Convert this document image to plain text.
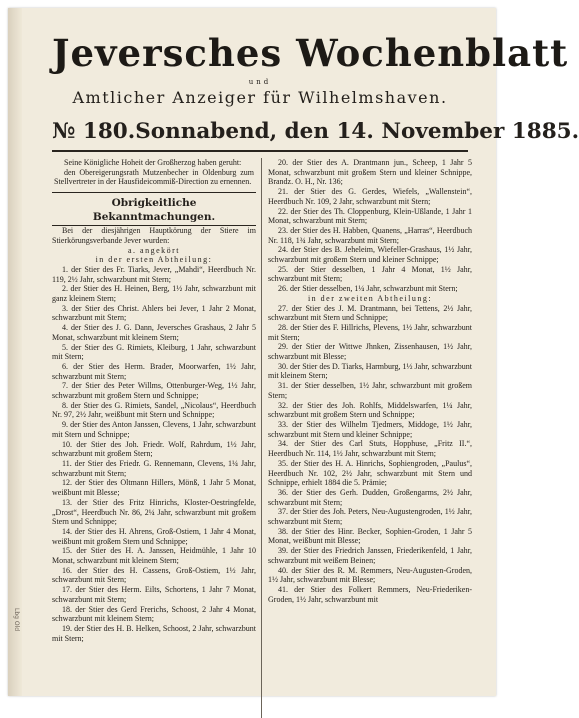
Lbg Old
Jeversches Wochenblatt
und
Amtlicher Anzeiger für Wilhelmshaven.
№ 180. Sonnabend, den 14. November 1885.

Seine Königliche Hoheit der Großherzog haben geruht:

den Obereigerungsrath Mutzenbecher in Oldenburg zum Stellvertreter in der Hausfideicommiß-Direction zu ernennen.

Obrigkeitliche Bekanntmachungen.

Bei der diesjährigen Hauptkörung der Stiere im Stierkörungsverbande Jever wurden:

a. angekört

in der ersten Abtheilung:

1. der Stier des Fr. Tiarks, Jever, „Mahdi“, Heerdbuch Nr. 119, 2½ Jahr, schwarzbunt mit Stern;

2. der Stier des H. Heinen, Berg, 1½ Jahr, schwarzbunt mit ganz kleinem Stern;

3. der Stier des Christ. Ahlers bei Jever, 1 Jahr 2 Monat, schwarzbunt mit Stern;

4. der Stier des J. G. Dann, Jeversches Grashaus, 2 Jahr 5 Monat, schwarzbunt mit kleinem Stern;

5. der Stier des G. Rimiets, Kleiburg, 1 Jahr, schwarzbunt mit Stern;

6. der Stier des Herm. Brader, Moorwarfen, 1½ Jahr, schwarzbunt mit Stern;

7. der Stier des Peter Willms, Ottenburger-Weg, 1½ Jahr, schwarzbunt mit großem Stern und Schnippe;

8. der Stier des G. Rimiets, Sandel, „Nicolaus“, Heerdbuch Nr. 97, 2½ Jahr, weißbunt mit Stern und Schnippe;

9. der Stier des Anton Janssen, Clevens, 1 Jahr, schwarzbunt mit Stern und Schnippe;

10. der Stier des Joh. Friedr. Wolf, Rahrdum, 1½ Jahr, schwarzbunt mit großem Stern;

11. der Stier des Friedr. G. Rennemann, Clevens, 1¼ Jahr, schwarzbunt mit Stern;

12. der Stier des Oltmann Hillers, Mönß, 1 Jahr 5 Monat, weißbunt mit Blesse;

13. der Stier des Fritz Hinrichs, Kloster-Oestringfelde, „Drost“, Heerdbuch Nr. 86, 2¼ Jahr, schwarzbunt mit großem Stern und Schnippe;

14. der Stier des H. Ahrens, Groß-Ostiem, 1 Jahr 4 Monat, weißbunt mit großem Stern und Schnippe;

15. der Stier des H. A. Janssen, Heidmühle, 1 Jahr 10 Monat, schwarzbunt mit kleinem Stern;

16. der Stier des H. Cassens, Groß-Ostiem, 1½ Jahr, schwarzbunt mit Stern;

17. der Stier des Herm. Eilts, Schortens, 1 Jahr 7 Monat, schwarzbunt mit Stern;

18. der Stier des Gerd Frerichs, Schoost, 2 Jahr 4 Monat, schwarzbunt mit kleinem Stern;

19. der Stier des H. B. Helken, Schoost, 2 Jahr, schwarzbunt mit Stern;

20. der Stier des A. Drantmann jun., Scheep, 1 Jahr 5 Monat, schwarzbunt mit großem Stern und kleiner Schnippe, Brandz. O. H., Nr. 136;

21. der Stier des G. Gerdes, Wiefels, „Wallenstein“, Heerdbuch Nr. 109, 2 Jahr, schwarzbunt mit Stern;

22. der Stier des Th. Cloppenburg, Klein-Ußlande, 1 Jahr 1 Monat, schwarzbunt mit Stern;

23. der Stier des H. Habben, Quanens, „Harras“, Heerdbuch Nr. 118, 1¾ Jahr, schwarzbunt mit Stern;

24. der Stier des B. Jeheleim, Wiefeller-Grashaus, 1½ Jahr, schwarzbunt mit großem Stern und kleiner Schnippe;

25. der Stier desselben, 1 Jahr 4 Monat, 1½ Jahr, schwarzbunt mit Stern;

26. der Stier desselben, 1¼ Jahr, schwarzbunt mit Stern;

in der zweiten Abtheilung:

27. der Stier des J. M. Drantmann, bei Tettens, 2½ Jahr, schwarzbunt mit Stern und Schnippe;

28. der Stier des F. Hillrichs, Plevens, 1½ Jahr, schwarzbunt mit Stern;

29. der Stier der Wittwe Jhnken, Zissenhausen, 1½ Jahr, schwarzbunt mit Blesse;

30. der Stier des D. Tiarks, Harmburg, 1½ Jahr, schwarzbunt mit kleinem Stern;

31. der Stier desselben, 1½ Jahr, schwarzbunt mit großem Stern;

32. der Stier des Joh. Rohlfs, Middelswarfen, 1¼ Jahr, schwarzbunt mit großem Stern und Schnippe;

33. der Stier des Wilhelm Tjedmers, Middoge, 1½ Jahr, schwarzbunt mit Stern und kleiner Schnippe;

34. der Stier des Carl Stuts, Hopphuse, „Fritz II.“, Heerdbuch Nr. 114, 1½ Jahr, schwarzbunt mit Stern;

35. der Stier des H. A. Hinrichs, Sophiengroden, „Paulus“, Heerdbuch Nr. 102, 2½ Jahr, schwarzbunt mit Stern und Schnippe, erhielt 1884 die 5. Prämie;

36. der Stier des Gerh. Dudden, Großengarms, 2½ Jahr, schwarzbunt mit Stern;

37. der Stier des Joh. Peters, Neu-Augustengroden, 1½ Jahr, schwarzbunt mit Stern;

38. der Stier des Hinr. Becker, Sophien-Groden, 1 Jahr 5 Monat, weißbunt mit Blesse;

39. der Stier des Friedrich Janssen, Friederikenfeld, 1 Jahr, schwarzbunt mit weißem Beinen;

40. der Stier des R. M. Remmers, Neu-Augusten-Groden, 1½ Jahr, schwarzbunt mit Blesse;

41. der Stier des Folkert Remmers, Neu-Friederiken-Groden, 1½ Jahr, schwarzbunt mit
